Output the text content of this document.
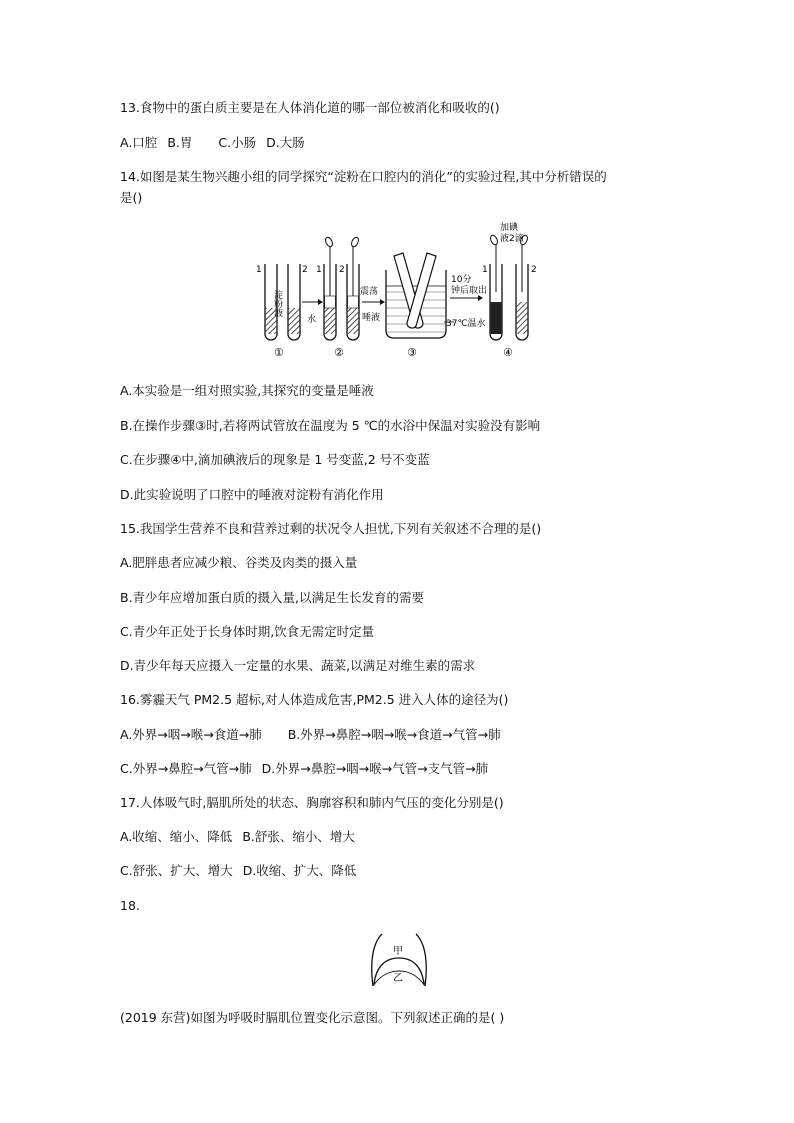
13.食物中的蛋白质主要是在人体消化道的哪一部位被消化和吸收的()
A.口腔 B.胃 C.小肠 D.大肠
14.如图是某生物兴趣小组的同学探究“淀粉在口腔内的消化”的实验过程,其中分析错误的
是()
1	2
淀粉液
水
1 2
震荡
唾液
37℃温水
10分
钟后取出
1	2
加碘
液2滴
①	②	③	④
A.本实验是一组对照实验,其探究的变量是唾液
B.在操作步骤③时,若将两试管放在温度为 5 ℃的水浴中保温对实验没有影响
C.在步骤④中,滴加碘液后的现象是 1 号变蓝,2 号不变蓝
D.此实验说明了口腔中的唾液对淀粉有消化作用
15.我国学生营养不良和营养过剩的状况令人担忧,下列有关叙述不合理的是()
A.肥胖患者应减少粮、谷类及肉类的摄入量
B.青少年应增加蛋白质的摄入量,以满足生长发育的需要
C.青少年正处于长身体时期,饮食无需定时定量
D.青少年每天应摄入一定量的水果、蔬菜,以满足对维生素的需求
16.雾霾天气 PM2.5 超标,对人体造成危害,PM2.5 进入人体的途径为()
A.外界→咽→喉→食道→肺 B.外界→鼻腔→咽→喉→食道→气管→肺
C.外界→鼻腔→气管→肺 D.外界→鼻腔→咽→喉→气管→支气管→肺
17.人体吸气时,膈肌所处的状态、胸廓容积和肺内气压的变化分别是()
A.收缩、缩小、降低 B.舒张、缩小、增大
C.舒张、扩大、增大 D.收缩、扩大、降低
18.
甲
乙
(2019 东营)如图为呼吸时膈肌位置变化示意图。下列叙述正确的是( )
